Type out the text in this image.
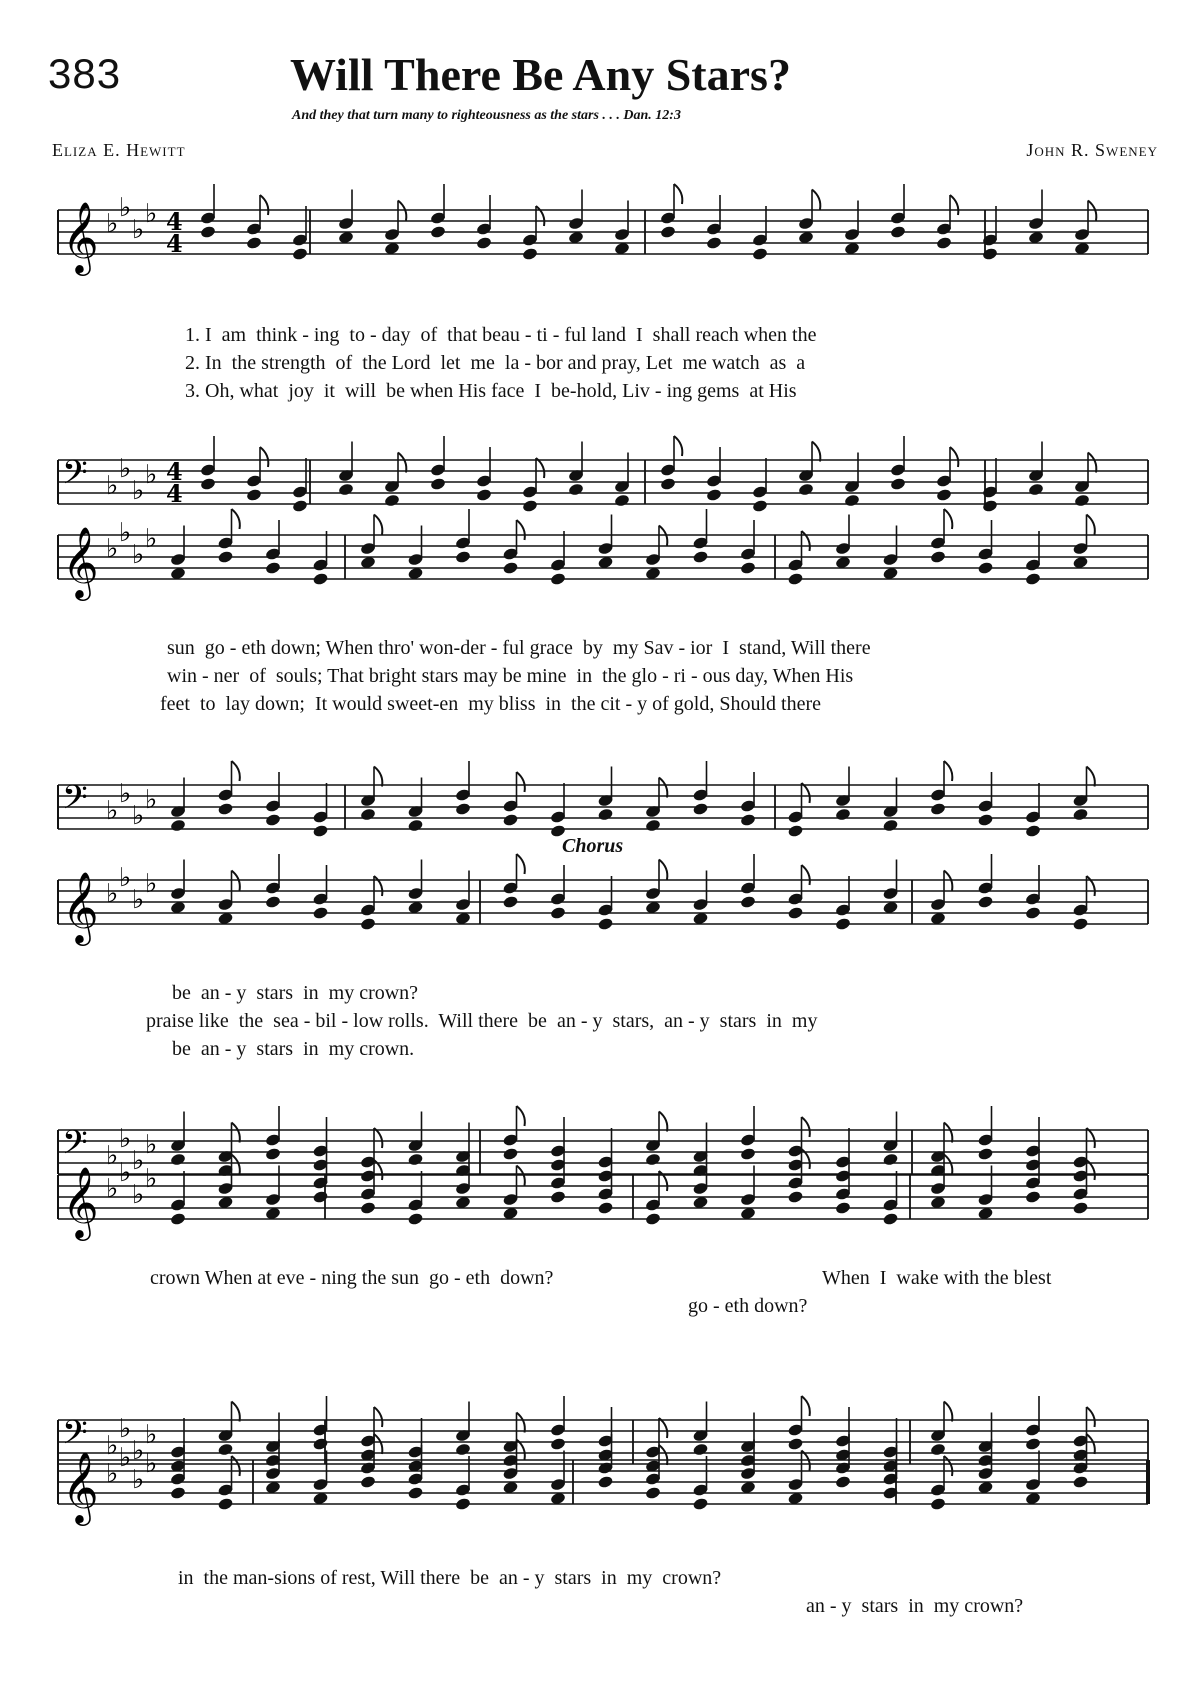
383	Will There Be Any Stars?
And they that turn many to righteousness as the stars . . . Dan. 12:3
Eliza E. Hewitt	John R. Sweney
𝄞 ♭
♭
♭
♭ 4
4
𝄢 ♭
♭
♭
♭ 4
4
𝄞 ♭
♭
♭
♭
𝄢 ♭
♭
♭
♭
𝄞 ♭
♭
♭
♭
𝄢 ♭
♭
♭
♭
𝄞 ♭
♭
♭
♭
𝄢 ♭
♭
♭
♭
𝄞 ♭
♭
♭
♭
1. I  am  think - ing  to - day  of  that beau - ti - ful land  I  shall reach when the
2. In  the strength  of  the Lord  let  me  la - bor and pray, Let  me watch  as  a
3. Oh, what  joy  it  will  be when His face  I  be-hold, Liv - ing gems  at His
sun  go - eth down; When thro' won-der - ful grace  by  my Sav - ior  I  stand, Will there
win - ner  of  souls; That bright stars may be mine  in  the glo - ri - ous day, When His
feet  to  lay down;  It would sweet-en  my bliss  in  the cit - y of gold, Should there
Chorus
be  an - y  stars  in  my crown?
praise like  the  sea - bil - low rolls.  Will there  be  an - y  stars,  an - y  stars  in  my
be  an - y  stars  in  my crown.
crown When at eve - ning the sun  go - eth  down?	When  I  wake with the blest
go - eth down?
in  the man-sions of rest, Will there  be  an - y  stars  in  my  crown?
an - y  stars  in  my crown?
